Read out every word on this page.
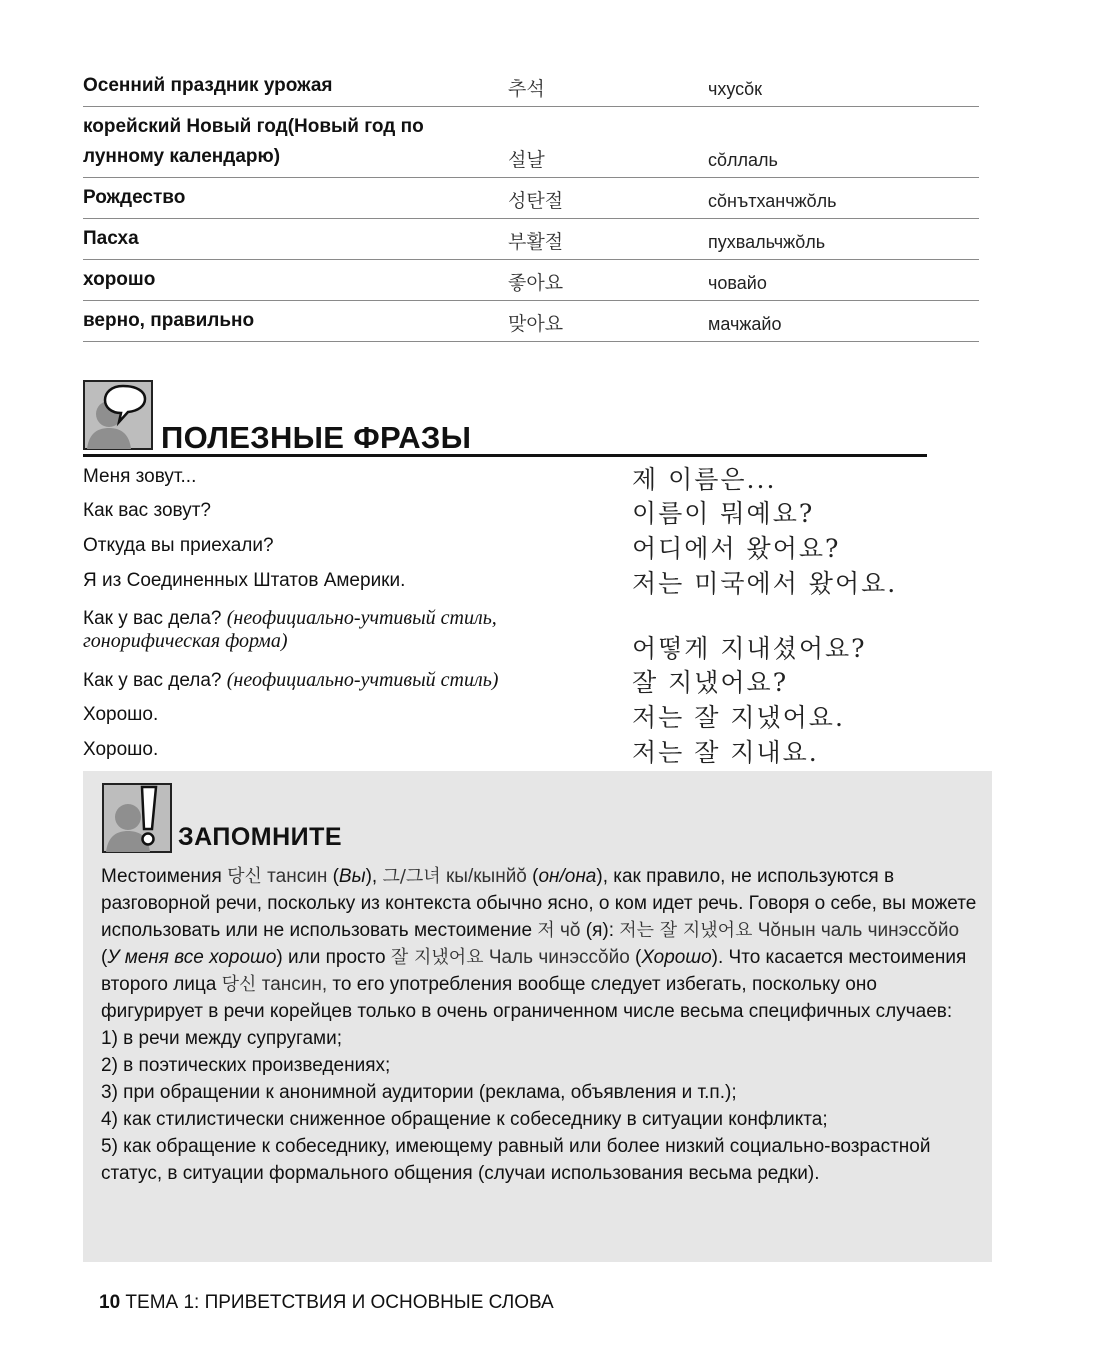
Осенний праздник урожая	추석	чхусŏк
корейский Новый год(Новый год по лунному календарю)	설날	сŏллаль
Рождество	성탄절	сŏнътханчжŏль
Пасха	부활절	пухвальчжŏль
хорошо	좋아요	човайо
верно, правильно	맞아요	мачжайо
ПОЛЕЗНЫЕ ФРАЗЫ
Меня зовут...	제 이름은...
Как вас зовут?	이름이 뭐예요?
Откуда вы приехали?	어디에서 왔어요?
Я из Соединенных Штатов Америки.	저는 미국에서 왔어요.
Как у вас дела? (неофициально-учтивый стиль, гонорифическая форма)	어떻게 지내셨어요?
Как у вас дела? (неофициально-учтивый стиль)	잘 지냈어요?
Хорошо.	저는 잘 지냈어요.
Хорошо.	저는 잘 지내요.
ЗАПОМНИТЕ

Местоимения 당신 тансин (Вы), 그/그녀 кы/кынйŏ (он/она), как правило, не используются в разговорной речи, поскольку из контекста обычно ясно, о ком идет речь. Говоря о себе, вы можете использовать или не использовать местоимение 저 чŏ (я): 저는 잘 지냈어요 Чŏнын чаль чинэссŏйо (У меня все хорошо) или просто 잘 지냈어요 Чаль чинэссŏйо (Хорошо). Что касается местоимения второго лица 당신 тансин, то его употребления вообще следует избегать, поскольку оно фигурирует в речи корейцев только в очень ограниченном числе весьма специфичных случаев:

1) в речи между супругами;

2) в поэтических произведениях;

3) при обращении к анонимной аудитории (реклама, объявления и т.п.);

4) как стилистически сниженное обращение к собеседнику в ситуации конфликта;

5) как обращение к собеседнику, имеющему равный или более низкий социально-возрастной статус, в ситуации формального общения (случаи использования весьма редки).

10 ТЕМА 1: ПРИВЕТСТВИЯ И ОСНОВНЫЕ СЛОВА
